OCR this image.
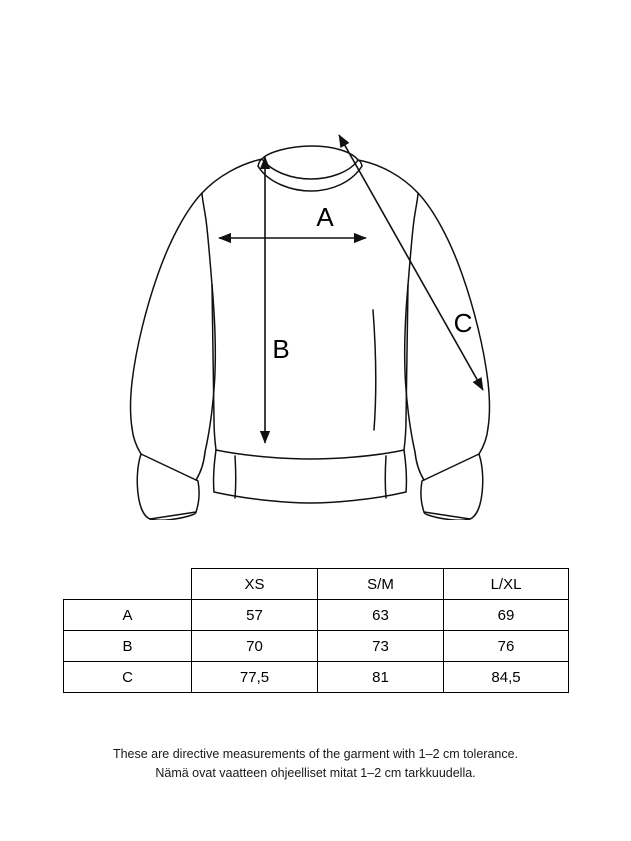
A
B
C
	XS	S/M	L/XL
A	57	63	69
B	70	73	76
C	77,5	81	84,5
These are directive measurements of the garment with 1–2 cm tolerance.
Nämä ovat vaatteen ohjeelliset mitat 1–2 cm tarkkuudella.
